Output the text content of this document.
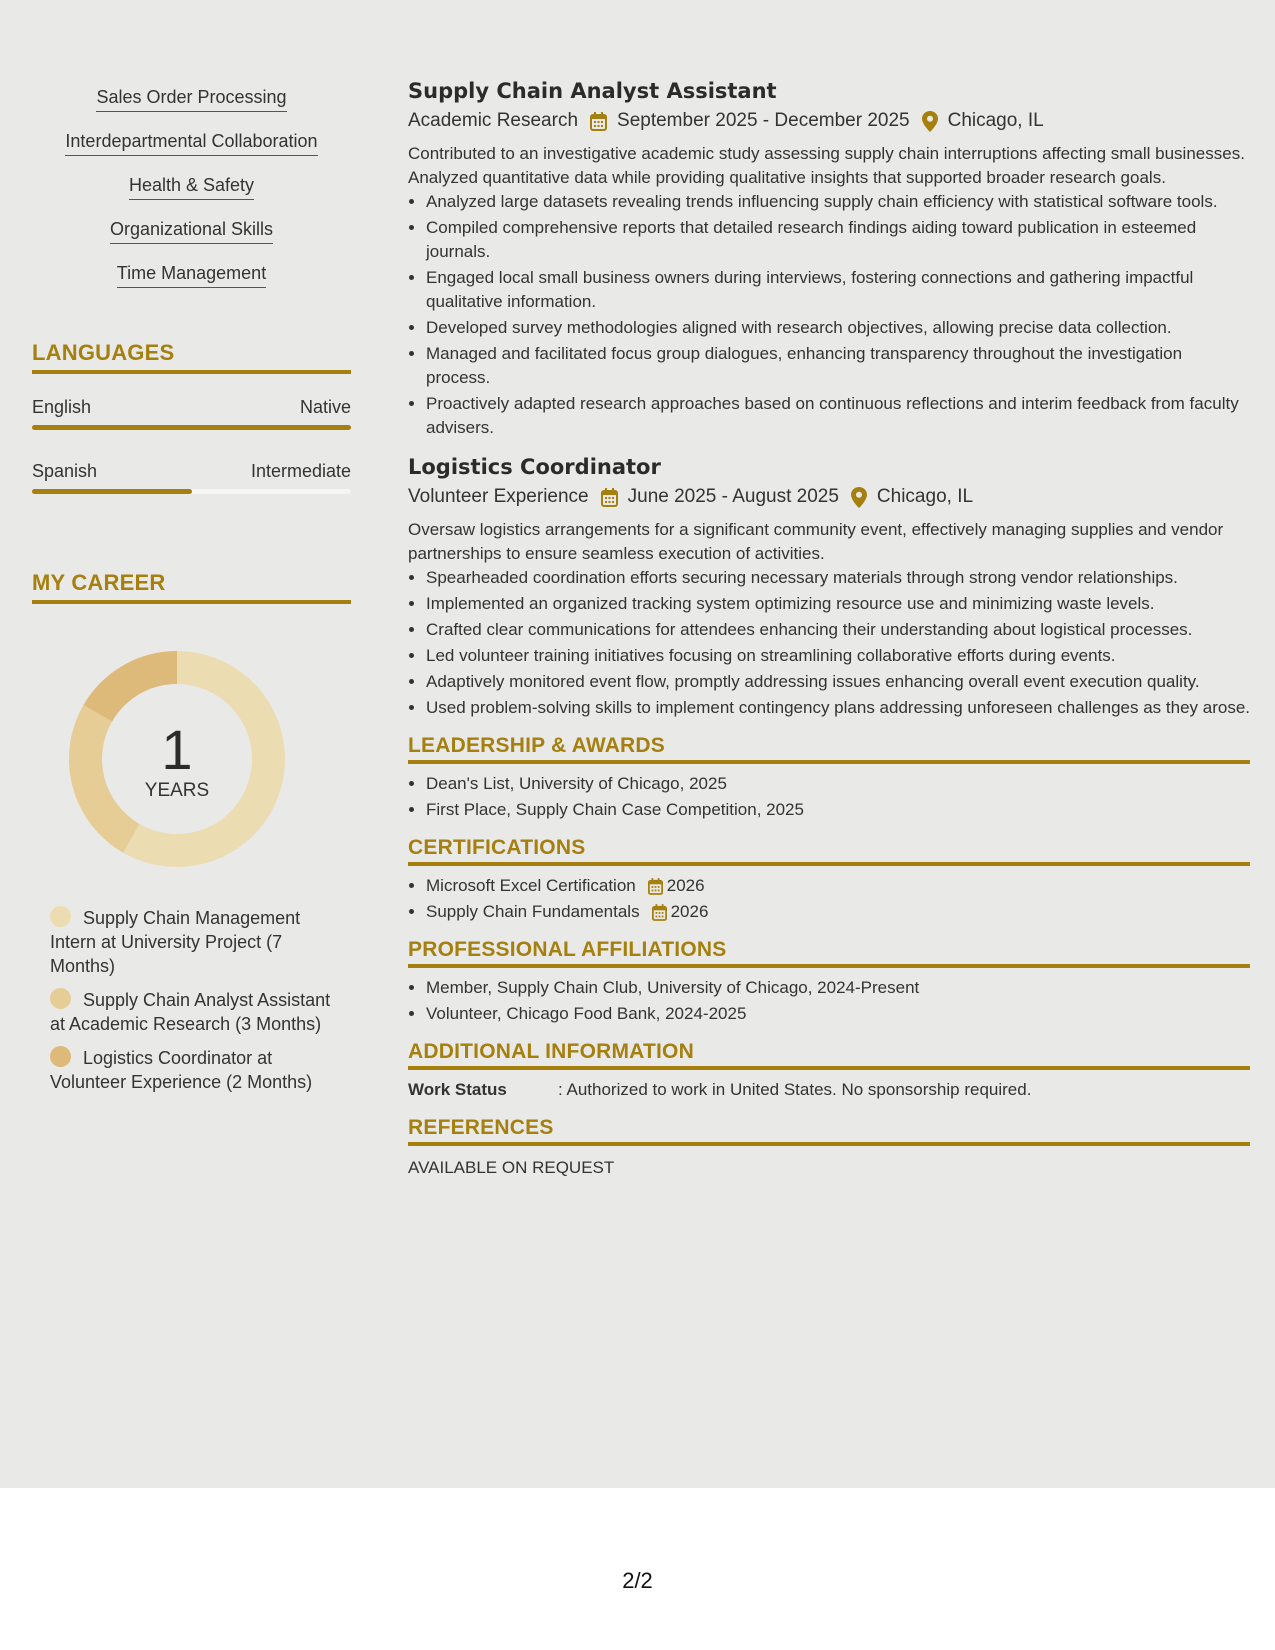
Sales Order Processing
Interdepartmental Collaboration
Health & Safety
Organizational Skills
Time Management
LANGUAGES
English	Native
Spanish	Intermediate
MY CAREER
1
YEARS
Supply Chain Management Intern at University Project (7 Months)
Supply Chain Analyst Assistant at Academic Research (3 Months)
Logistics Coordinator at Volunteer Experience (2 Months)
Supply Chain Analyst Assistant
Academic Research September 2025 - December 2025 Chicago, IL
Contributed to an investigative academic study assessing supply chain interruptions affecting small businesses. Analyzed quantitative data while providing qualitative insights that supported broader research goals.
• Analyzed large datasets revealing trends influencing supply chain efficiency with statistical software tools.
• Compiled comprehensive reports that detailed research findings aiding toward publication in esteemed journals.
• Engaged local small business owners during interviews, fostering connections and gathering impactful qualitative information.
• Developed survey methodologies aligned with research objectives, allowing precise data collection.
• Managed and facilitated focus group dialogues, enhancing transparency throughout the investigation process.
• Proactively adapted research approaches based on continuous reflections and interim feedback from faculty advisers.
Logistics Coordinator
Volunteer Experience June 2025 - August 2025 Chicago, IL
Oversaw logistics arrangements for a significant community event, effectively managing supplies and vendor partnerships to ensure seamless execution of activities.
• Spearheaded coordination efforts securing necessary materials through strong vendor relationships.
• Implemented an organized tracking system optimizing resource use and minimizing waste levels.
• Crafted clear communications for attendees enhancing their understanding about logistical processes.
• Led volunteer training initiatives focusing on streamlining collaborative efforts during events.
• Adaptively monitored event flow, promptly addressing issues enhancing overall event execution quality.
• Used problem-solving skills to implement contingency plans addressing unforeseen challenges as they arose.
LEADERSHIP & AWARDS
• Dean's List, University of Chicago, 2025
• First Place, Supply Chain Case Competition, 2025
CERTIFICATIONS
• Microsoft Excel Certification 2026
• Supply Chain Fundamentals 2026
PROFESSIONAL AFFILIATIONS
• Member, Supply Chain Club, University of Chicago, 2024-Present
• Volunteer, Chicago Food Bank, 2024-2025
ADDITIONAL INFORMATION
Work Status	: Authorized to work in United States. No sponsorship required.
REFERENCES
AVAILABLE ON REQUEST
2/2
